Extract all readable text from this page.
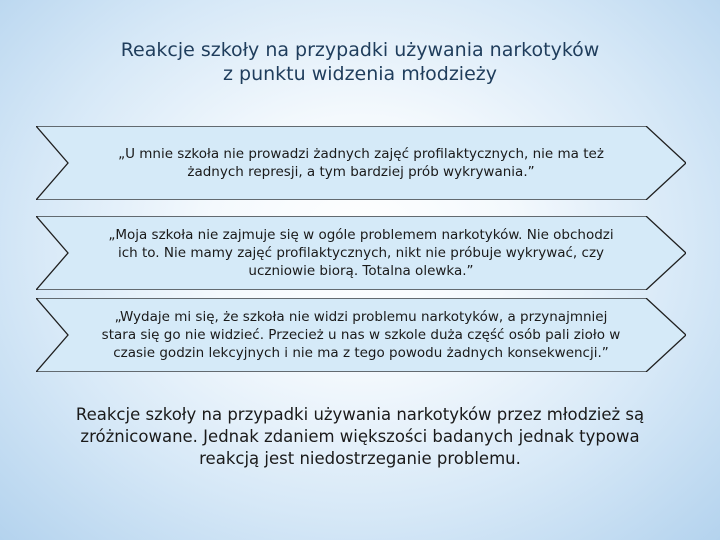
Reakcje szkoły na przypadki używania narkotyków
z punktu widzenia młodzieży
„U mnie szkoła nie prowadzi żadnych zajęć profilaktycznych, nie ma też
żadnych represji, a tym bardziej prób wykrywania.”
„Moja szkoła nie zajmuje się w ogóle problemem narkotyków. Nie obchodzi
ich to. Nie mamy zajęć profilaktycznych, nikt nie próbuje wykrywać, czy
uczniowie biorą. Totalna olewka.”
„Wydaje mi się, że szkoła nie widzi problemu narkotyków, a przynajmniej
stara się go nie widzieć. Przecież u nas w szkole duża część osób pali zioło w
czasie godzin lekcyjnych i nie ma z tego powodu żadnych konsekwencji.”
Reakcje szkoły na przypadki używania narkotyków przez młodzież są
zróżnicowane. Jednak zdaniem większości badanych jednak typowa
reakcją jest niedostrzeganie problemu.
